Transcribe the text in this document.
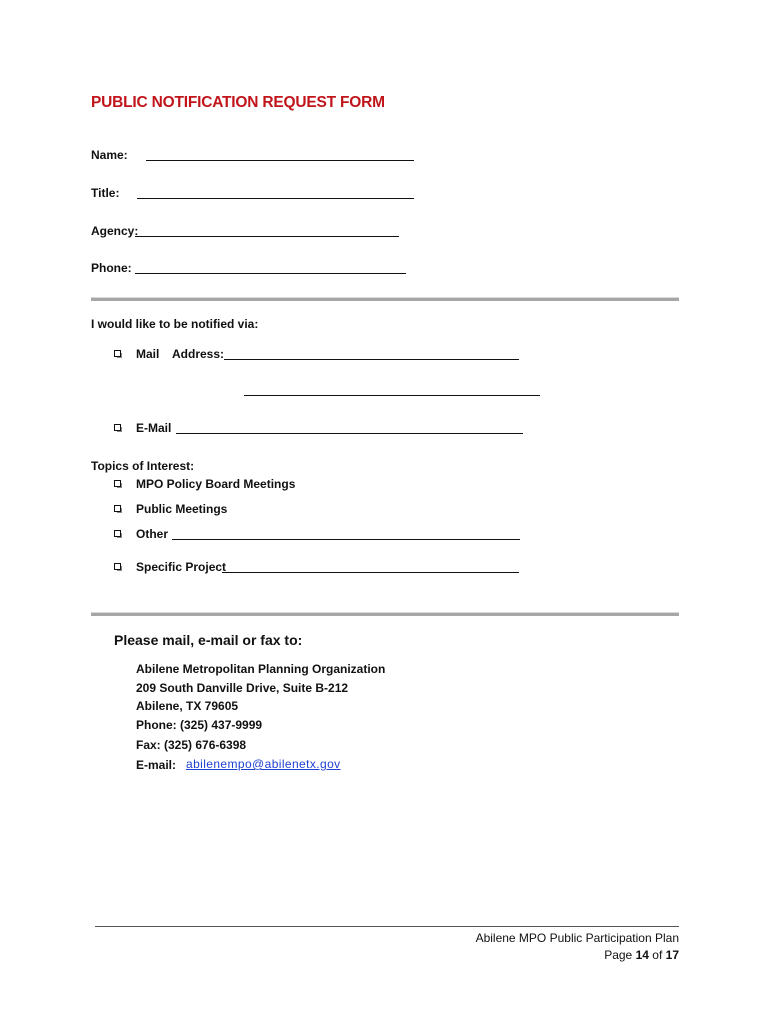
PUBLIC NOTIFICATION REQUEST FORM
Name:
Title:
Agency:
Phone:
I would like to be notified via:
Mail Address:
E-Mail
Topics of Interest:
MPO Policy Board Meetings
Public Meetings
Other
Specific Project
Please mail, e-mail or fax to:
Abilene Metropolitan Planning Organization
209 South Danville Drive, Suite B-212
Abilene, TX 79605
Phone: (325) 437-9999
Fax: (325) 676-6398
E-mail: abilenempo@abilenetx.gov
Abilene MPO Public Participation Plan
Page 14 of 17
